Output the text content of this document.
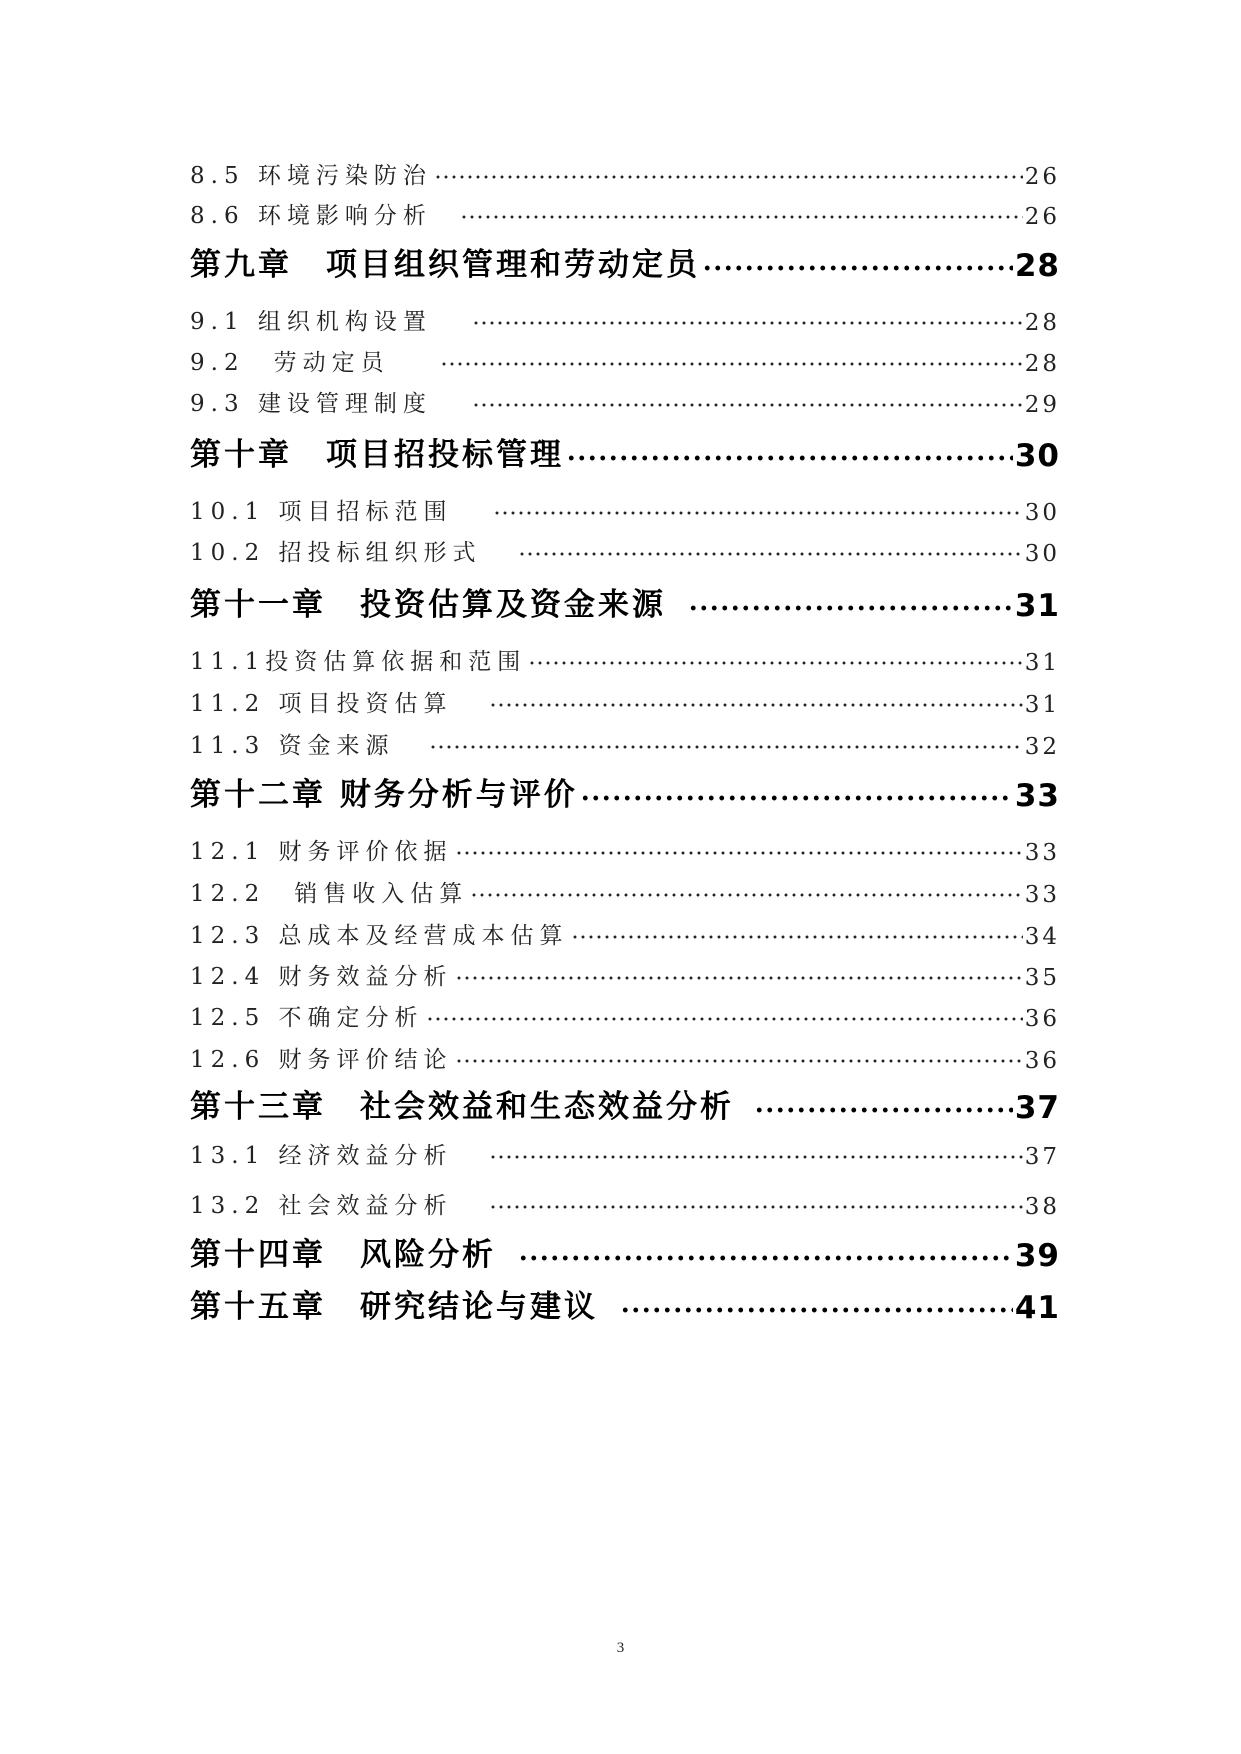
8.5 环境污染防治	26
8.6 环境影响分析	26
第九章　项目组织管理和劳动定员	28
9.1 组织机构设置	28
9.2　劳动定员	28
9.3 建设管理制度	29
第十章　项目招投标管理	30
10.1 项目招标范围	30
10.2 招投标组织形式	30
第十一章　投资估算及资金来源	31
11.1投资估算依据和范围	31
11.2 项目投资估算	31
11.3 资金来源	32
第十二章 财务分析与评价	33
12.1 财务评价依据	33
12.2　销售收入估算	33
12.3 总成本及经营成本估算	34
12.4 财务效益分析	35
12.5 不确定分析	36
12.6 财务评价结论	36
第十三章　社会效益和生态效益分析	37
13.1 经济效益分析	37
13.2 社会效益分析	38
第十四章　风险分析	39
第十五章　研究结论与建议	41
3
